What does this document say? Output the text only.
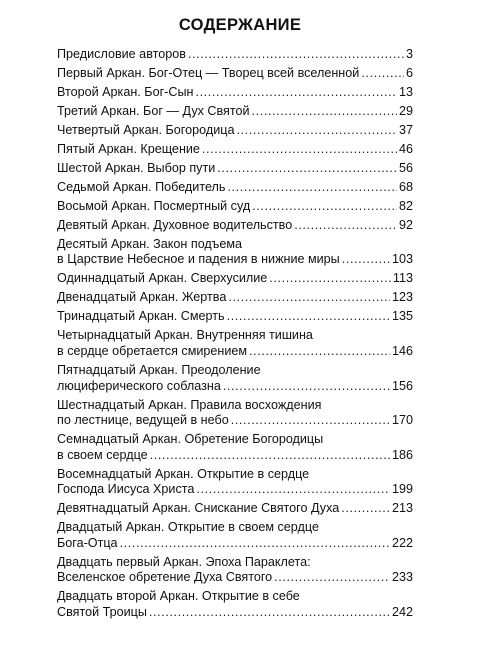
СОДЕРЖАНИЕ
Предисловие авторов .....	3
Первый Аркан. Бог-Отец — Творец всей вселенной .....	6
Второй Аркан. Бог-Сын .....	13
Третий Аркан. Бог — Дух Святой .....	29
Четвертый Аркан. Богородица .....	37
Пятый Аркан. Крещение .....	46
Шестой Аркан. Выбор пути .....	56
Седьмой Аркан. Победитель .....	68
Восьмой Аркан. Посмертный суд .....	82
Девятый Аркан. Духовное водительство .....	92
Десятый Аркан. Закон подъема
в Царствие Небесное и падения в нижние миры .....	103
Одиннадцатый Аркан. Сверхусилие .....	113
Двенадцатый Аркан. Жертва .....	123
Тринадцатый Аркан. Смерть .....	135
Четырнадцатый Аркан. Внутренняя тишина
в сердце обретается смирением .....	146
Пятнадцатый Аркан. Преодоление
люциферического соблазна .....	156
Шестнадцатый Аркан. Правила восхождения
по лестнице, ведущей в небо .....	170
Семнадцатый Аркан. Обретение Богородицы
в своем сердце .....	186
Восемнадцатый Аркан. Открытие в сердце
Господа Иисуса Христа .....	199
Девятнадцатый Аркан. Снискание Святого Духа .....	213
Двадцатый Аркан. Открытие в своем сердце
Бога-Отца .....	222
Двадцать первый Аркан. Эпоха Параклета:
Вселенское обретение Духа Святого .....	233
Двадцать второй Аркан. Открытие в себе
Святой Троицы .....	242
